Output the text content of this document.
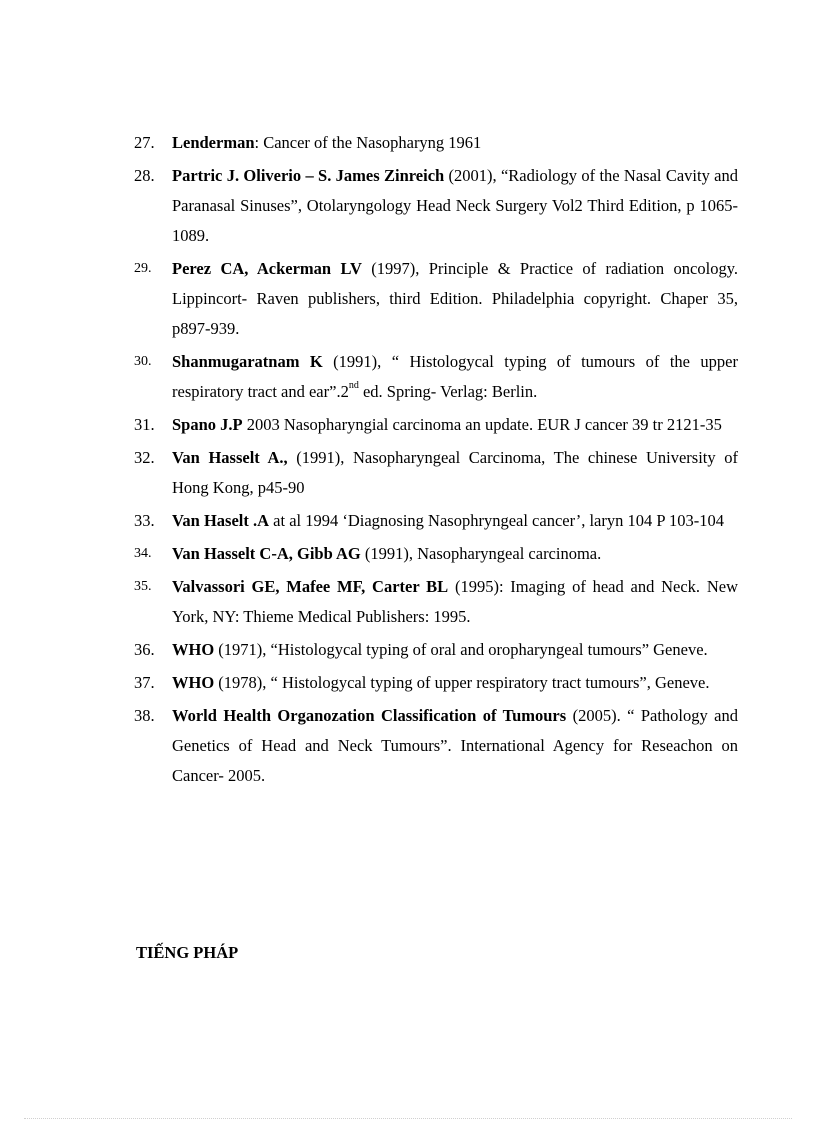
27.	Lenderman: Cancer of the Nasopharyng 1961
28.	Partric J. Oliverio – S. James Zinreich (2001), “Radiology of the Nasal Cavity and Paranasal Sinuses”, Otolaryngology Head Neck Surgery Vol2 Third Edition, p 1065-1089.
29.	Perez CA, Ackerman LV (1997), Principle & Practice of radiation oncology. Lippincort- Raven publishers, third Edition. Philadelphia copyright. Chaper 35, p897-939.
30.	Shanmugaratnam K (1991), “ Histologycal typing of tumours of the upper respiratory tract and ear”.2nd ed. Spring- Verlag: Berlin.
31.	Spano J.P 2003 Nasopharyngial carcinoma an update. EUR J cancer 39 tr 2121-35
32.	Van Hasselt A., (1991), Nasopharyngeal Carcinoma, The chinese University of Hong Kong, p45-90
33.	Van Haselt .A at al 1994 ‘Diagnosing Nasophryngeal cancer’, laryn 104 P 103-104
34.	Van Hasselt C-A, Gibb AG (1991), Nasopharyngeal carcinoma.
35.	Valvassori GE, Mafee MF, Carter BL (1995): Imaging of head and Neck. New York, NY: Thieme Medical Publishers: 1995.
36.	WHO (1971), “Histologycal typing of oral and oropharyngeal tumours” Geneve.
37.	WHO (1978), “ Histologycal typing of upper respiratory tract tumours”, Geneve.
38.	World Health Organozation Classification of Tumours (2005). “ Pathology and Genetics of Head and Neck Tumours”. International Agency for Reseachon on Cancer- 2005.
TIẾNG PHÁP
